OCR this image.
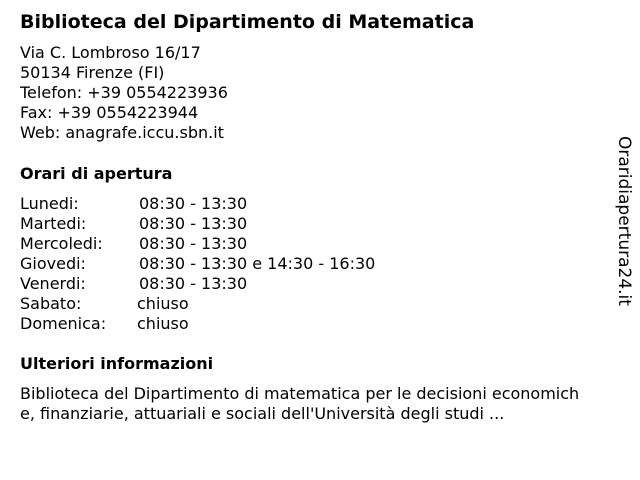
Biblioteca del Dipartimento di Matematica
Via C. Lombroso 16/17
50134 Firenze (FI)
Telefon: +39 0554223936
Fax: +39 0554223944
Web: anagrafe.iccu.sbn.it
Orari di apertura
Lunedi:	08:30 - 13:30
Martedi:	08:30 - 13:30
Mercoledi: 08:30 - 13:30
Giovedi:	08:30 - 13:30 e 14:30 - 16:30
Venerdi:	08:30 - 13:30
Sabato:	chiuso
Domenica: chiuso
Ulteriori informazioni
Biblioteca del Dipartimento di matematica per le decisioni economich
e, finanziarie, attuariali e sociali dell'Università degli studi ...
Oraridiapertura24.it
